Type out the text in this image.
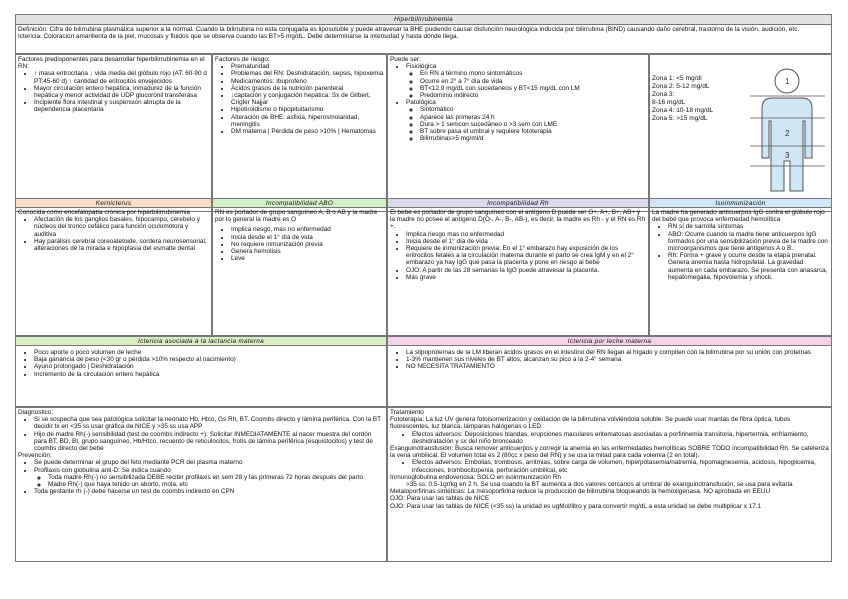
Hiperbilirrubinemia

Definición: Cifra de bilirrubina plasmática superior a la normal. Cuando la bilirrubina no esta conjugada es liposoluble y puede atravesar la BHE pudiendo causar disfunción neurológica inducida por bilirrubina (BIND) causando daño cerebral, trastorno de la visión, audición, etc.

Ictericia: Coloración amarillenta de la piel, mucosas y fluidos que se observa cuando las BT>5 mg/dL. Debe determinarse la intensidad y hasta dónde llega.

Factores predisponentes para desarrollar hiperbilirrubinemia en el RN:

• ↑ masa eritrocitaria ↓ vida media del glóbulo rojo (AT: 60-90 d PT:45-60 d) ↑ cantidad de eritrocitos envejecidos
• Mayor circulación entero hepática, inmadurez de la función hepática y menor actividad de UDP glucoronil transferasa
• Incipiente flora intestinal y suspensión abrupta de la dependencia placentaria

Factores de riesgo:

• Prematuridad
• Problemas del RN: Deshidratación, sepsis, hipoxemia
• Medicamentos: Ibuprofeno
• Ácidos grasos de la nutrición parenteral
• ↓captación y conjugación hepática: Sx de Gilbert, Crigler Najjar
• Hipotiroidismo o hipopituitarismo
• Alteración de BHE: asfixia, hiperosmolaridad, meningitis
• DM materna | Pérdida de peso >10% | Hematomas

Puede ser:

• Fisiológica
◦ En RN a término mono sintomáticos
◦ Ocurre en 2° a 7° día de vida
◦ BT<12.9 mg/dL con sucedaneos y BT<15 mg/dL con LM
◦ Predominio indirecto
• Patológica
◦ Sintomático
◦ Aparece las primeras 24 h
◦ Dura > 1 semcon sucedáneo o >3 sem con LME
◦ BT sobre pasa el umbral y requiere fototerapia
◦ Bilirrubinas>5 mg/ml/d

Zona 1: <5 mg/dl

Zona 2: 5-12 mg/dL

Zona 3:

8-16 mg/dL

Zona 4: 10-18 mg/dL

Zona 5: >15 mg/dL

1
2
3
Kernicterus	Incompatibilidad ABO	Incompatibilidad Rh	Isoinmunización

Conocida como encefalopatía crónica por hiperbilirrubinemia

• Afectación de los ganglios basales, hipocampo, cerebelo y núcleos del tronco cefálico para función oculomotora y auditiva
• Hay parálisis cerebral coreoatetoide, sordera neurosensorial, alteraciones de la mirada e hipoplasia del esmalte dental

RN es portador de grupo sanguíneo A, B o AB y la madre por lo general la madre es O

• Implica riesgo, mas no enfermedad
• Inicia desde el 1° día de vida
• No requiere inmunización previa
• Genera hemolisis
• Leve

El bebe es portador de grupo sanguíneo con el antígeno D puede ser O+, A+, B+, AB+ y la madre no posee el antígeno D(O-, A-, B-, AB-), es decir, la madre es Rh - y el RN es Rh +.

• Implica riesgo mas no enfermedad
• Inicia desde el 1° día de vida
• Requiere de inmunización previa: En el 1° embarazo hay exposición de los eritrocitos fetales a la circulación materna durante el parto se crea IgM y en el 2° embarazo ya hay IgG que pasa la placenta y pone en riesgo al bebé
• OJO: A partir de las 28 semanas la IgG puede atravesar la placenta.
• Más grave

La madre ha generado anticuerpos IgG contra el glóbulo rojo del bebé que provoca enfermedad hemolítica

• RN sí de sarrolla síntomas
• ABO: Ocurre cuando la madre tiene anticuerpos IgG formados por una sensibilización previa de la madre con microorganismos que tiene antígenos A o B.
• Rh: Forma + grave y ocurre desde la etapa prenatal. Genera anemia hasta hidropsfetal. La gravedad aumenta en cada embarazo. Se presenta con anasarca, hepatomegalia, hipovolemia y shock.
Ictericia asociada a la lactancia materna	Ictericia por leche materna
• Poco aporte o poco volumen de leche
• Baja ganancia de peso (<30 gr o pérdida >10% respecto al nacimiento)
• Ayuno prolongado | Deshidratación
• Incremento de la circulación entero hepática
• La slipoproteínas de la LM liberan ácidos grasos en el intestino del RN llegan al hígado y compiten con la bilirrubina por su unión con proteínas
• 1-3% mantienen sus niveles de BT altos, alcanzan su pico a la 2-4° semana
• NO NECESITA TRATAMIENTO

Diagnostico:

• Si se sospecha que sea patológica solicitar la neonato Hb, Htco, Gs Rh, BT, Coombs directo y lámina periférica. Con la BT decidir tx en <35 ss usar gráfica de NICE y >35 ss usa APP
• Hijo de madre Rh(-) sensibilidad (test de coombs indirecto +): Solicitar INMEDIATAMENTE al nacer muestra del cordón para BT, BD, BI, grupo sanguíneo, Hb/Htco, recuento de reticulocitos, frotis de lámina periférica (esquistocitos) y test de coombs directo del bebé

Prevención:

• Se puede determinar el grupo del feto mediante PCR del plasma materno
• Profilaxis con globulina anti-D: Se indica cuando
◦ Toda madre Rh(-) no sensibilizada DEBE recibir profilaxis en sem 28 y las primeras 72 horas después del parto
◦ Madre Rh(-) que haya tenido un aborto, mola, etc
• Toda gestante rh (-) debe hacerse un test de coombs indirecto en CPN

Tratamiento

Fototerapia: La luz UV genera fotoisomerización y oxidación de la bilirrubina volviéndola soluble. Se puede usar mantas de fibra óptica, tubos fluorescentes, luz blanca, lámparas halógenas o LED.

• Efectos adversos: Deposiciones blandas, erupciones maculares eritematosas asociadas a porfirinemia transitoria, hipertermia, enfriamiento, deshidratación y sx del niño bronceado

Exanguinotransfusión: Busca remover anticuerpos y corregir la anemia en las enfermedades hemolíticas SOBRE TODO incompatibilidad Rh. Se cateteriza la vena umbilical. El volumen total es 2 (80cc x peso del RN) y se usa la mitad para cada volemia (2 en total).

• Efectos adversos: Embolias, trombosis, arritmias, sobre carga de volumen, hiperpotasemia/natremia, hipomagnesemia, acidosis, hipoglicemia, infecciones, trombocitopenia, perforación umbilical, etc

Inmunoglobulina endovenosa: SOLO en isoinmunización Rh

>35 ss: 0.5-1gr/kg en 2 h. Se usa cuando la BT aumenta a dos valores cercanos al umbral de exanguinotransfusión, se usa para evitarla

Metaloporfirinas sintéticas: La mesoporfirina reduce la producción de bilirrubina bloqueando la hemoxigenasa. NO aprobada en EEUU

OJO: Para usar las tablas de NICE

OJO: Para usar las tablas de NICE (<35 ss) la unidad es ugMol/litro y para convertir mg/dL a esta unidad se debe multiplicar x 17.1
